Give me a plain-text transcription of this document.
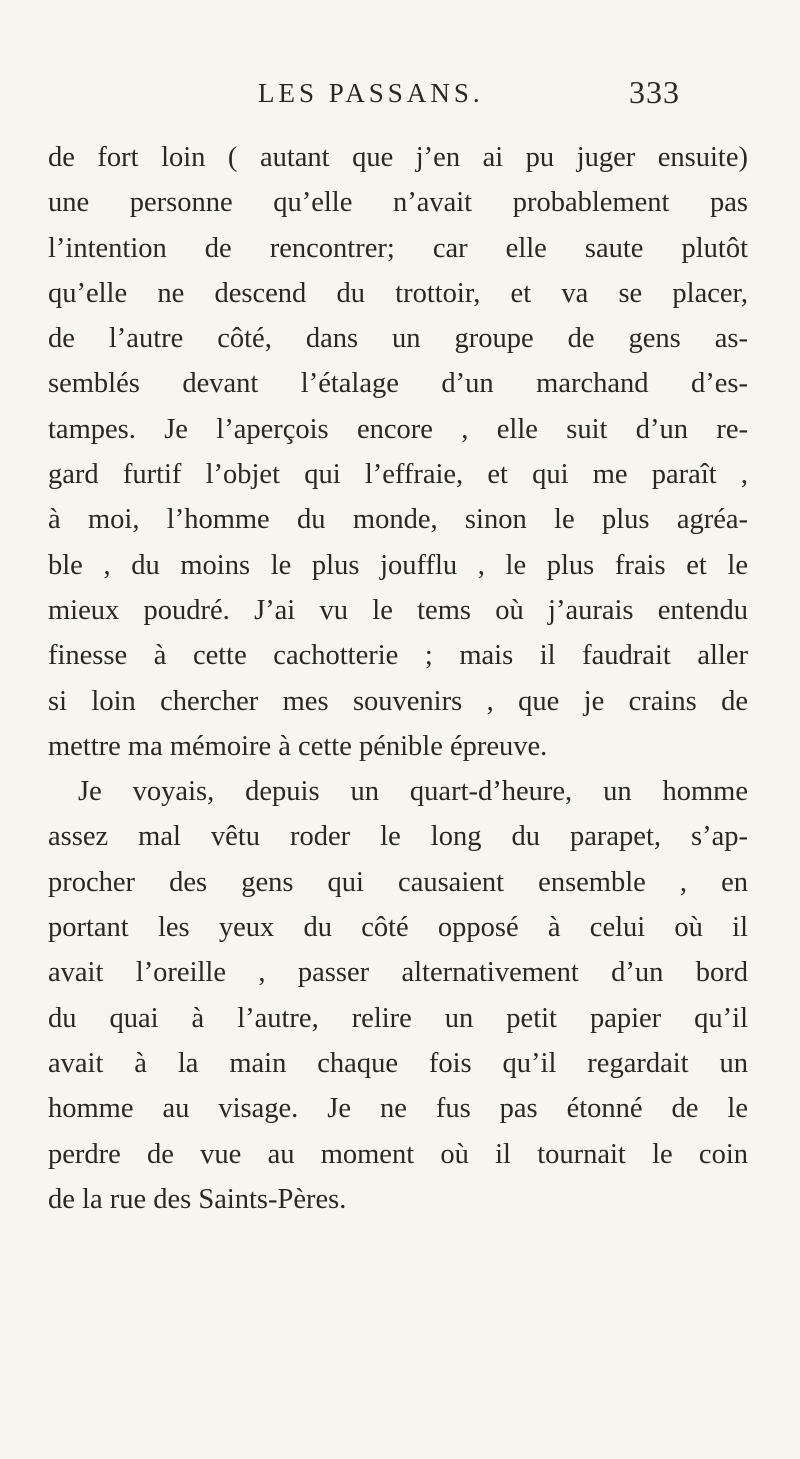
LES PASSANS.	333
de fort loin ( autant que j’en ai pu juger ensuite)
une personne qu’elle n’avait probablement pas
l’intention de rencontrer; car elle saute plutôt
qu’elle ne descend du trottoir, et va se placer,
de l’autre côté, dans un groupe de gens as-
semblés devant l’étalage d’un marchand d’es-
tampes. Je l’aperçois encore , elle suit d’un re-
gard furtif l’objet qui l’effraie, et qui me paraît ,
à moi, l’homme du monde, sinon le plus agréa-
ble , du moins le plus joufflu , le plus frais et le
mieux poudré. J’ai vu le tems où j’aurais entendu
finesse à cette cachotterie ; mais il faudrait aller
si loin chercher mes souvenirs , que je crains de
mettre ma mémoire à cette pénible épreuve.
Je voyais, depuis un quart-d’heure, un homme
assez mal vêtu roder le long du parapet, s’ap-
procher des gens qui causaient ensemble , en
portant les yeux du côté opposé à celui où il
avait l’oreille , passer alternativement d’un bord
du quai à l’autre, relire un petit papier qu’il
avait à la main chaque fois qu’il regardait un
homme au visage. Je ne fus pas étonné de le
perdre de vue au moment où il tournait le coin
de la rue des Saints-Pères.
